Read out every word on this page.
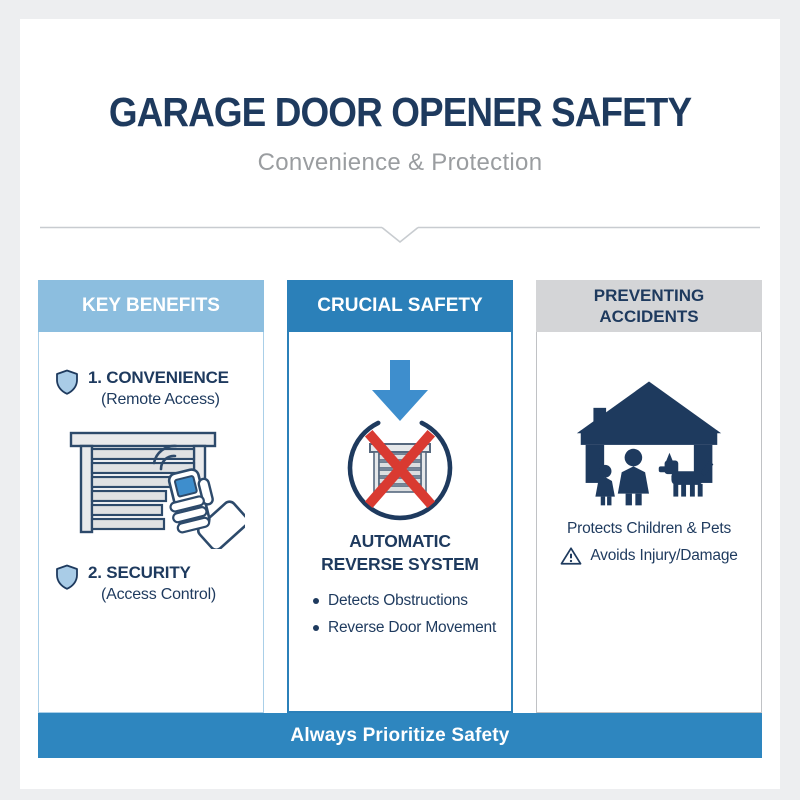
GARAGE DOOR OPENER SAFETY
Convenience & Protection
KEY BENEFITS
1. CONVENIENCE
(Remote Access)
2. SECURITY
(Access Control)
CRUCIAL SAFETY
AUTOMATIC
REVERSE SYSTEM
Detects Obstructions
Reverse Door Movement
PREVENTING
ACCIDENTS
Protects Children & Pets
Avoids Injury/Damage
Always Prioritize Safety
